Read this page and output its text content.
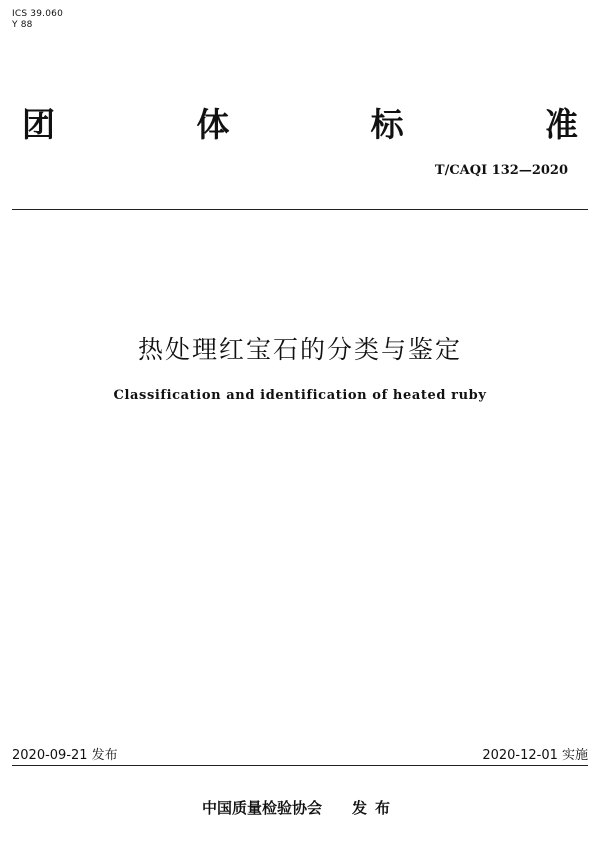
ICS 39.060
Y 88
团	体	标	准
T/CAQI 132—2020
热处理红宝石的分类与鉴定
Classification and identification of heated ruby
2020-09-21 发布	2020-12-01 实施
中国质量检验协会 发布
